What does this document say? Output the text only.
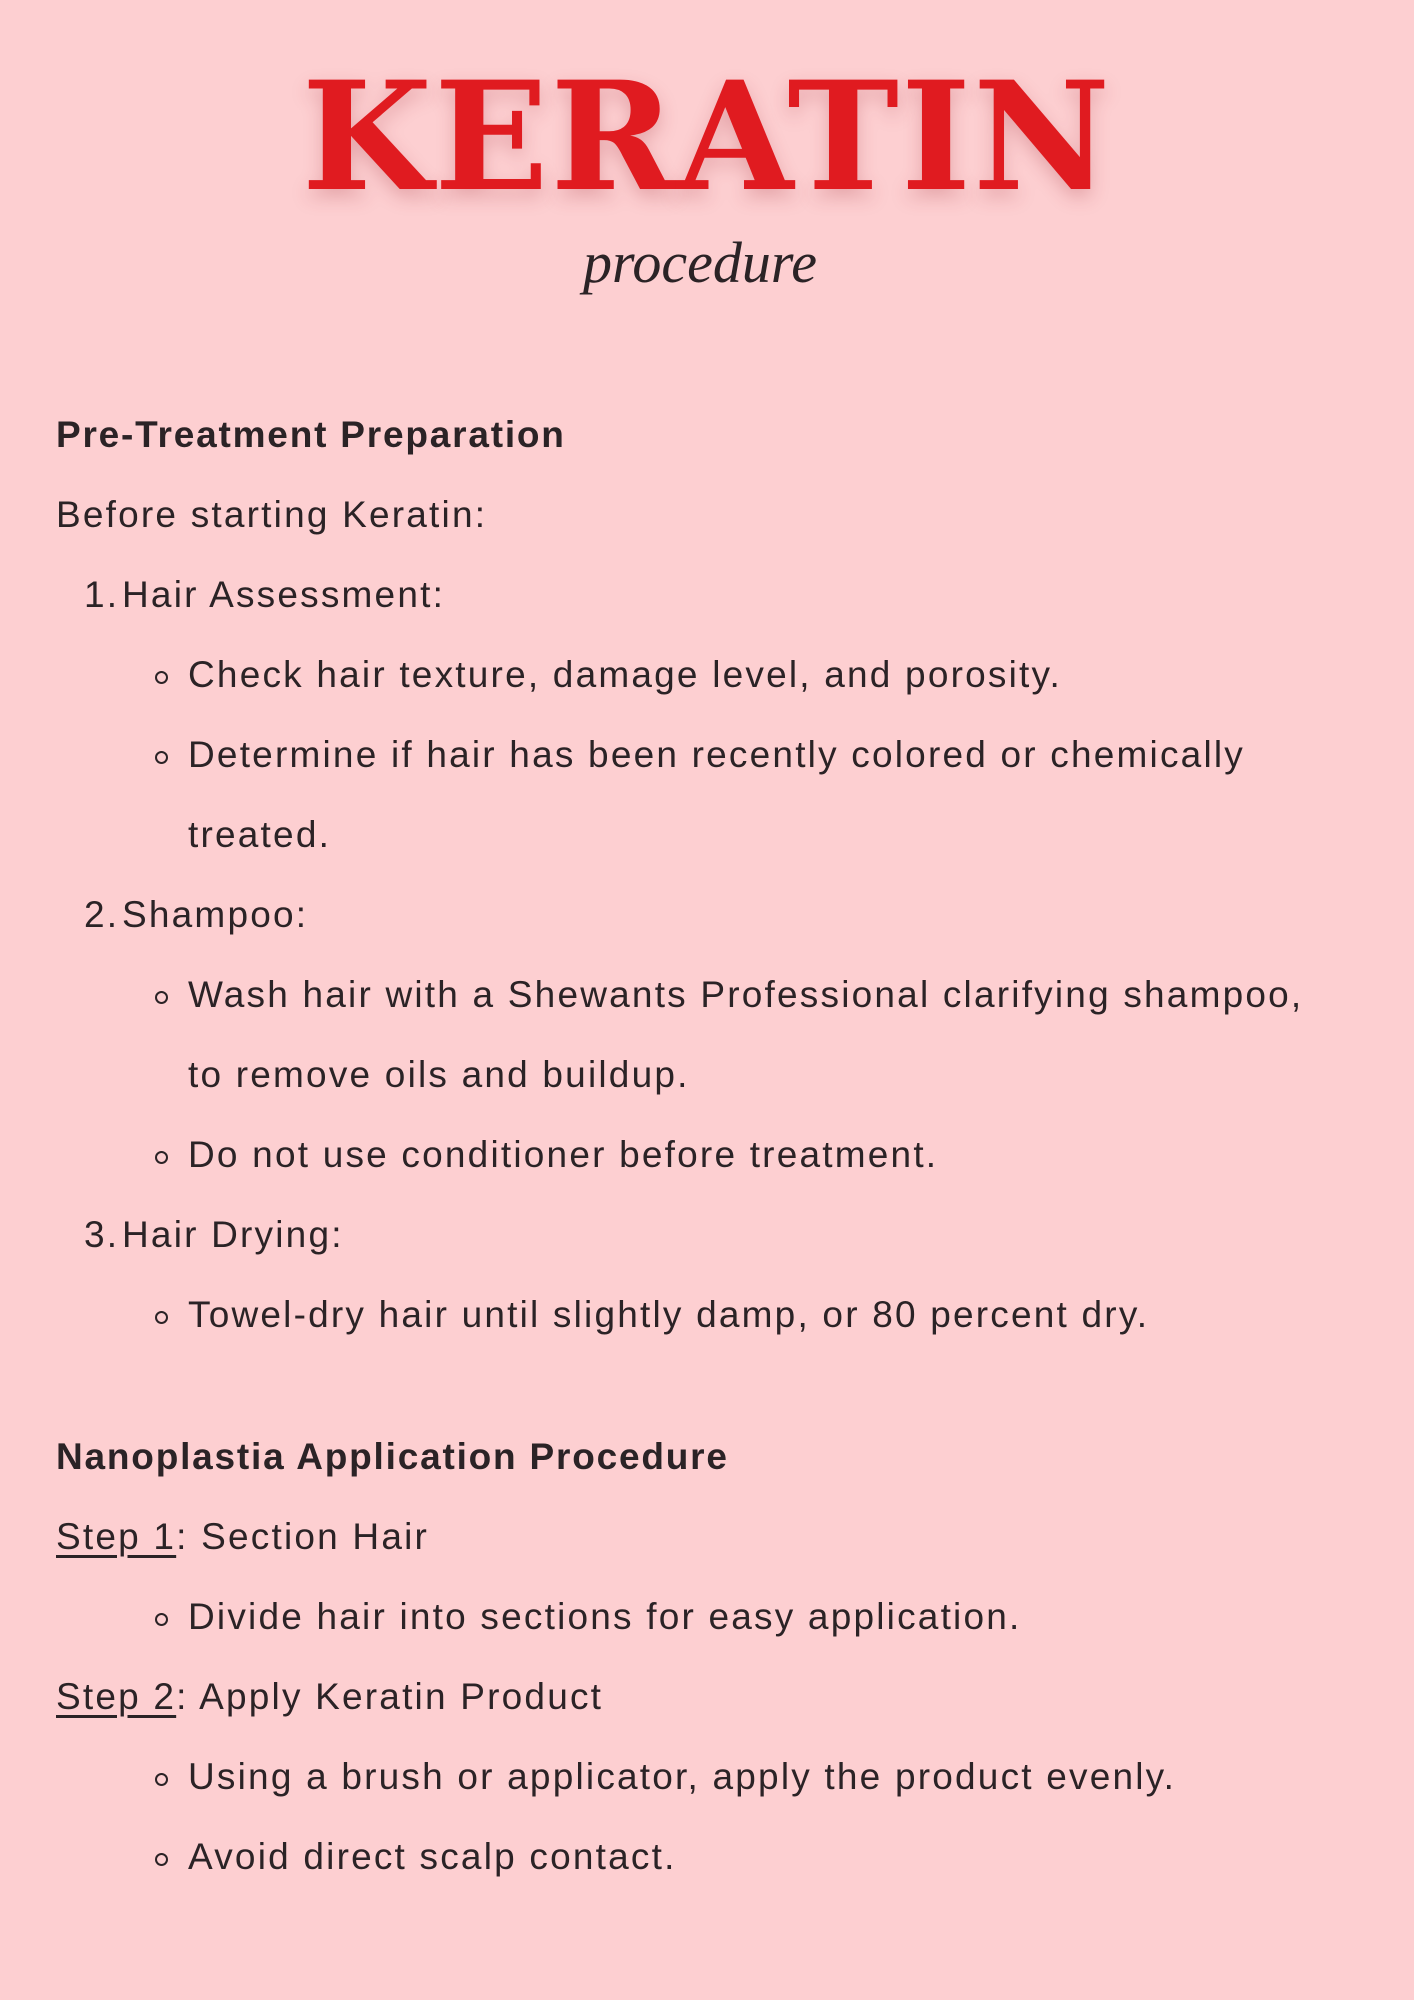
KERATIN
procedure

Pre-Treatment Preparation

Before starting Keratin:

1.Hair Assessment:

Check hair texture, damage level, and porosity.

Determine if hair has been recently colored or chemically

treated.

2.Shampoo:

Wash hair with a Shewants Professional clarifying shampoo,

to remove oils and buildup.

Do not use conditioner before treatment.

3.Hair Drying:

Towel-dry hair until slightly damp, or 80 percent dry.

Nanoplastia Application Procedure

Step 1: Section Hair

Divide hair into sections for easy application.

Step 2: Apply Keratin Product

Using a brush or applicator, apply the product evenly.

Avoid direct scalp contact.
